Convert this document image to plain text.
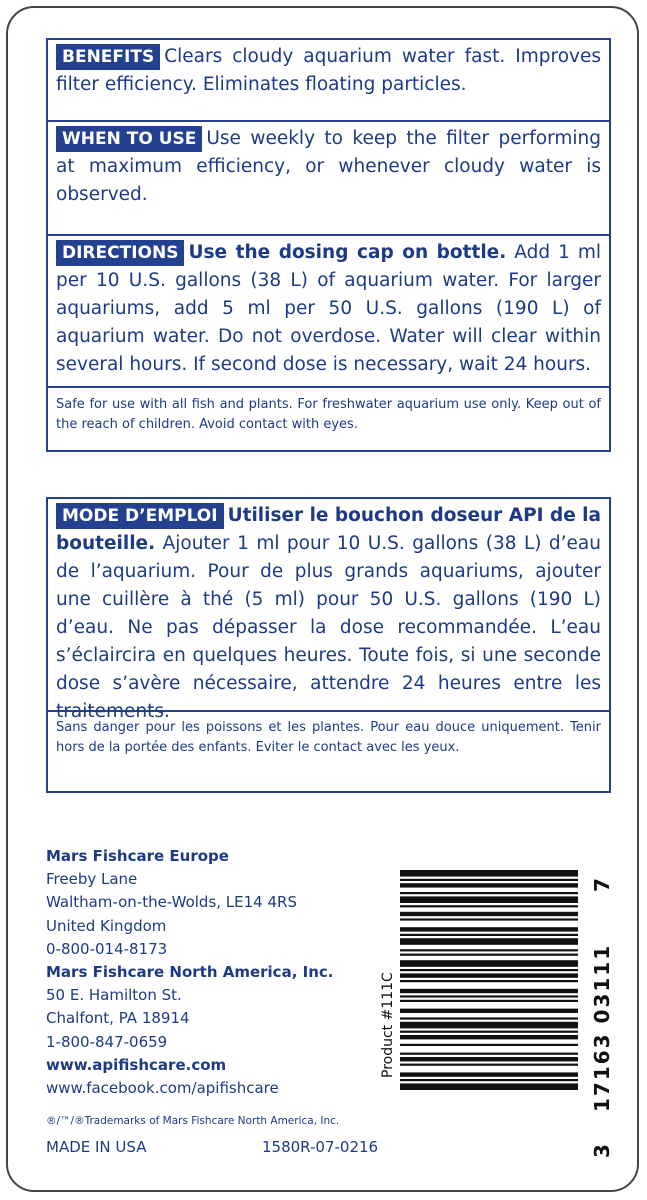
BENEFITS Clears cloudy aquarium water fast. Improves filter efficiency. Eliminates floating particles.
WHEN TO USE Use weekly to keep the filter performing at maximum efficiency, or whenever cloudy water is observed.
DIRECTIONS Use the dosing cap on bottle. Add 1 ml per 10 U.S. gallons (38 L) of aquarium water. For larger aquariums, add 5 ml per 50 U.S. gallons (190 L) of aquarium water. Do not overdose. Water will clear within several hours. If second dose is necessary, wait 24 hours.
Safe for use with all fish and plants. For freshwater aquarium use only. Keep out of the reach of children. Avoid contact with eyes.
MODE D’EMPLOI Utiliser le bouchon doseur API de la bouteille. Ajouter 1 ml pour 10 U.S. gallons (38 L) d’eau de l’aquarium. Pour de plus grands aquariums, ajouter une cuillère à thé (5 ml) pour 50 U.S. gallons (190 L) d’eau. Ne pas dépasser la dose recommandée. L’eau s’éclaircira en quelques heures. Toute fois, si une seconde dose s’avère nécessaire, attendre 24 heures entre les traitements.
Sans danger pour les poissons et les plantes. Pour eau douce uniquement. Tenir hors de la portée des enfants. Eviter le contact avec les yeux.
Mars Fishcare Europe
Freeby Lane
Waltham-on-the-Wolds, LE14 4RS
United Kingdom
0-800-014-8173
Mars Fishcare North America, Inc.
50 E. Hamilton St.
Chalfont, PA 18914
1-800-847-0659
www.apifishcare.com
www.facebook.com/apifishcare
®/™/®Trademarks of Mars Fishcare North America, Inc.
MADE IN USA	1580R-07-0216
Product #111C
3
17163 03111
7
